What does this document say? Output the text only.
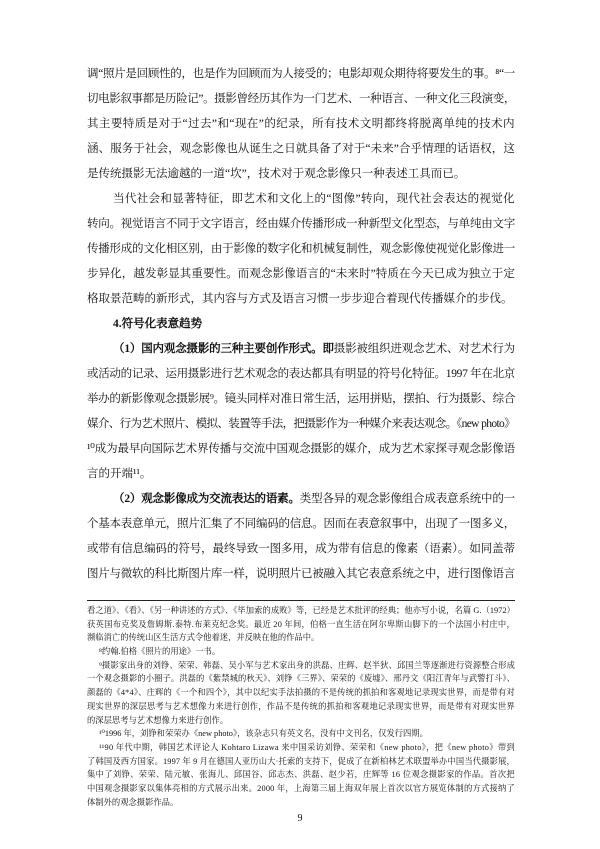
调“照片是回顾性的，也是作为回顾而为人接受的；电影却观众期待将要发生的事。⁸“一
切电影叙事都是历险记”。摄影曾经历其作为一门艺术、一种语言、一种文化三段演变，
其主要特质是对于“过去”和“现在”的纪录，所有技术文明都终将脱离单纯的技术内
涵、服务于社会，观念影像也从诞生之日就具备了对于“未来”合乎情理的话语权，这
是传统摄影无法逾越的一道“坎”，技术对于观念影像只一种表述工具而已。
当代社会和显著特征，即艺术和文化上的“图像”转向，现代社会表达的视觉化
转向。视觉语言不同于文字语言，经由媒介传播形成一种新型文化型态，与单纯由文字
传播形成的文化相区别，由于影像的数字化和机械复制性，观念影像使视觉化影像进一
步异化，越发彰显其重要性。而观念影像语言的“未来时”特质在今天已成为独立于定
格取景范畴的新形式，其内容与方式及语言习惯一步步迎合着现代传播媒介的步伐。
4.符号化表意趋势
（1）国内观念摄影的三种主要创作形式。即摄影被组织进观念艺术、对艺术行为
或活动的记录、运用摄影进行艺术观念的表达都具有明显的符号化特征。1997 年在北京
举办的新影像观念摄影展⁹。镜头同样对准日常生活，运用拼贴，摆拍、行为摄影、综合
媒介、行为艺术照片、模拟、装置等手法，把摄影作为一种媒介来表达观念。《new photo》
¹⁰成为最早向国际艺术界传播与交流中国观念摄影的媒介，成为艺术家探寻观念影像语
言的开端¹¹。
（2）观念影像成为交流表达的语素。类型各异的观念影像组合成表意系统中的一
个基本表意单元，照片汇集了不同编码的信息。因而在表意叙事中，出现了一图多义，
或带有信息编码的符号，最终导致一图多用，成为带有信息的像素（语素）。如同盖蒂
图片与微软的科比斯图片库一样，说明照片已被融入其它表意系统之中，进行图像语言
看之道》、《看》、《另一种讲述的方式》、《毕加索的成败》等，已经是艺术批评的经典；他亦写小说，名篇 G.（1972）
获英国布克奖及詹姆斯.泰特.布莱克纪念奖。最近 20 年间，伯格一直生活在阿尔卑斯山脚下的一个法国小村庄中，
濒临消亡的传统山区生活方式令他着迷，并反映在他的作品中。
⁸约翰.伯格《照片的用途》一书。
⁹摄影家出身的刘铮、荣荣、韩磊、吴小军与艺术家出身的洪磊、庄辉、赵半狄、邱国兰等逐渐进行资源整合形成
一个观念摄影的小圈子。洪磊的《紫禁城的秋天》、刘铮《三界》、荣荣的《废墟》、邢丹文《阳江青年与武警打斗》、
颜磊的《4*4》、庄辉的《一个和四个》，其中以纪实手法拍摄的不是传统的抓拍和客观地记录现实世界，而是带有对
现实世界的深层思考与艺术想像力来进行创作，作品不是传统的抓拍和客观地记录现实世界，而是带有对现实世界
的深层思考与艺术想像力来进行创作。
¹⁰1996 年，刘铮和荣荣办《new photo》，该杂志只有英文名，没有中文刊名，仅发行四期。
¹¹90 年代中期，韩国艺术评论人 Kohtaro Lizawa 来中国采访刘铮、荣荣和《new photo》，把《new photo》带到
了韩国及西方国家。1997 年 9 月在德国人亚历山大·托索的支持下，促成了在新柏林艺术联盟举办中国当代摄影展，
集中了刘铮、荣荣、陆元敏、张海儿、邱国谷、邱志杰、洪磊、赵少若，庄辉等 16 位观念摄影家的作品。首次把
中国观念摄影家以集体亮相的方式展示出来。2000 年，上海第三届上海双年展上首次以官方展览体制的方式接纳了
体制外的观念摄影作品。
9
